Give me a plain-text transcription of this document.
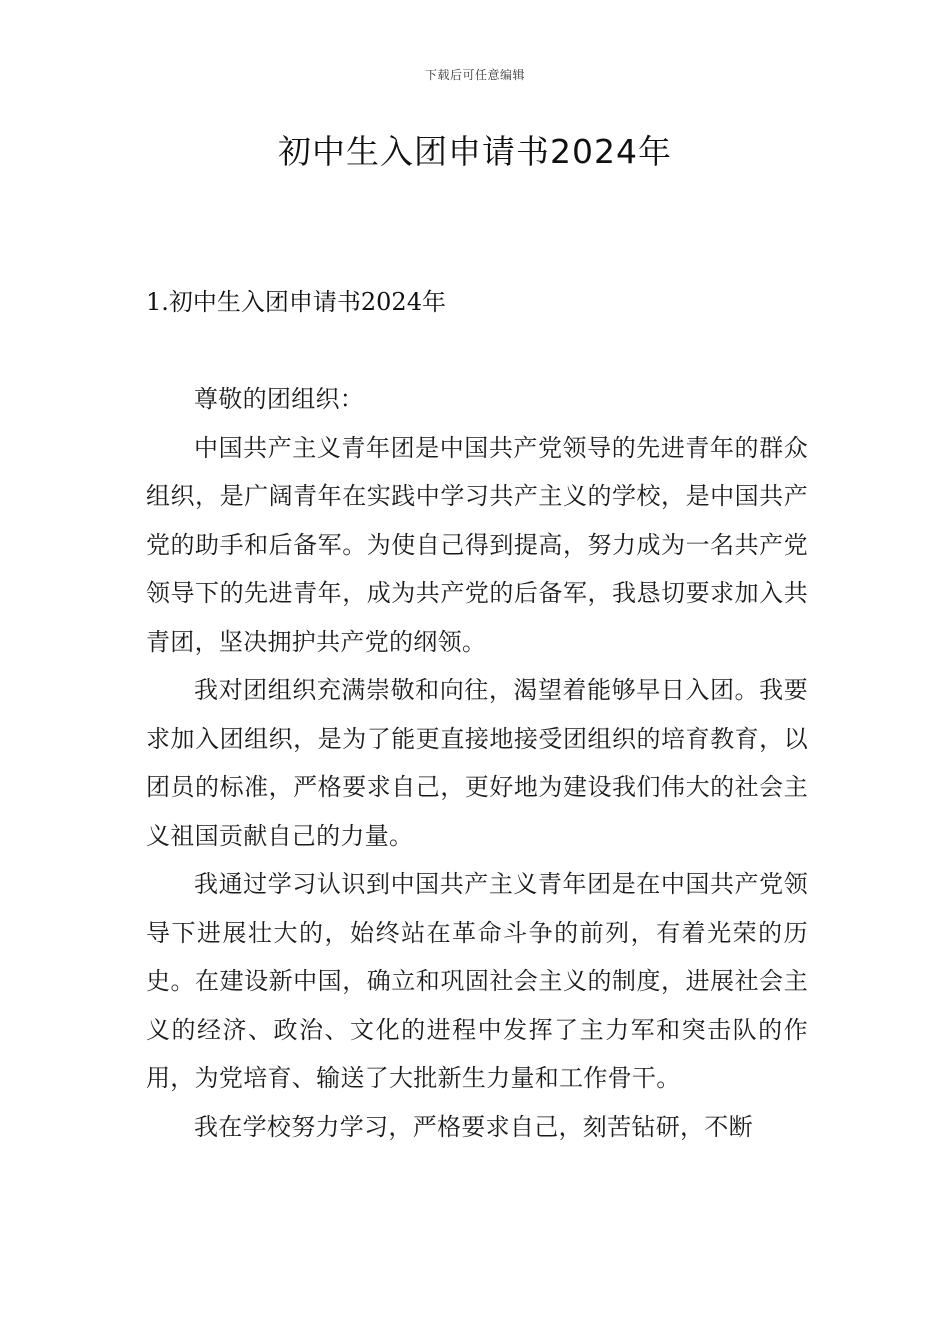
下载后可任意编辑
初中生入团申请书2024年
1.初中生入团申请书2024年

尊敬的团组织：

中国共产主义青年团是中国共产党领导的先进青年的群众组织，是广阔青年在实践中学习共产主义的学校，是中国共产党的助手和后备军。为使自己得到提高，努力成为一名共产党领导下的先进青年，成为共产党的后备军，我恳切要求加入共青团，坚决拥护共产党的纲领。

我对团组织充满崇敬和向往，渴望着能够早日入团。我要求加入团组织，是为了能更直接地接受团组织的培育教育，以团员的标准，严格要求自己，更好地为建设我们伟大的社会主义祖国贡献自己的力量。

我通过学习认识到中国共产主义青年团是在中国共产党领导下进展壮大的，始终站在革命斗争的前列，有着光荣的历史。在建设新中国，确立和巩固社会主义的制度，进展社会主义的经济、政治、文化的进程中发挥了主力军和突击队的作用，为党培育、输送了大批新生力量和工作骨干。

我在学校努力学习，严格要求自己，刻苦钻研，不断
